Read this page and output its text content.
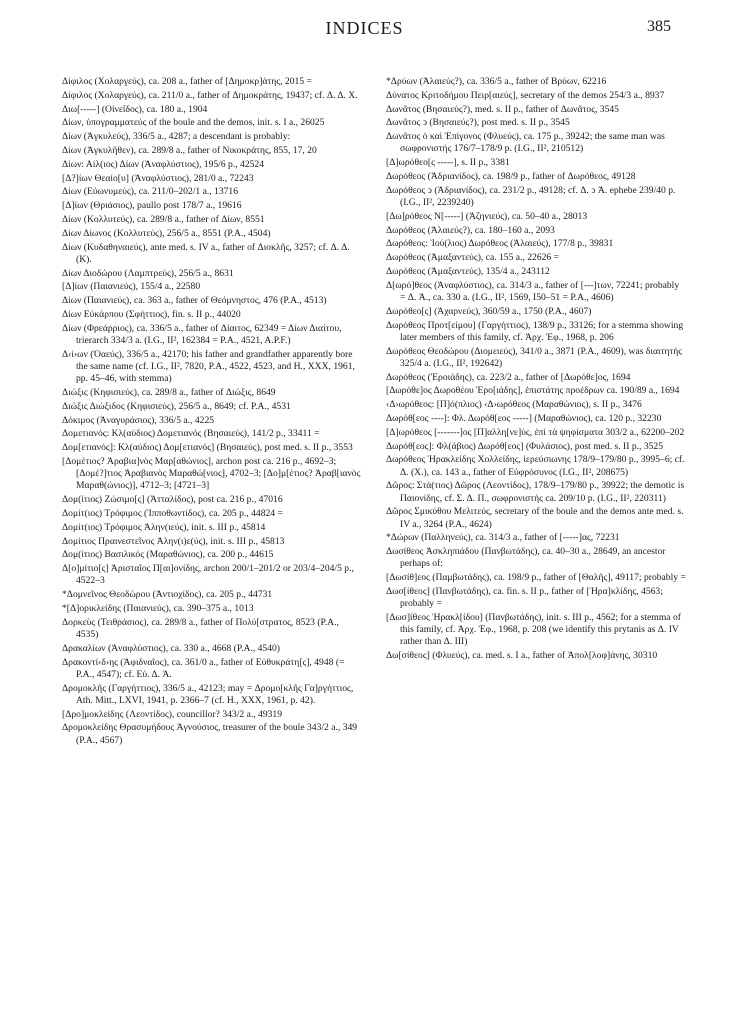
INDICES	385

Δίφιλος (Χολαργεύς), ca. 208 a., father of [Δημοκρ]άτης, 2015 =

Δίφιλος (Χολαργεύς), ca. 211/0 a., father of Δημοκράτης, 19437; cf. Δ. Δ. Χ.

Διω[-----] (Οἰνεΐδος), ca. 180 a., 1904

Δίων, ὑπογραμματεύς of the boule and the demos, init. s. I a., 26025

Δίων (Ἀγκυλεύς), 336/5 a., 4287; a descendant is probably:

Δίων (Ἀγκυλῆθεν), ca. 289/8 a., father of Νικοκράτης, 855, 17, 20

Δίων: Αἰλ(ιος) Δίων (Ἀναφλύστιος), 195/6 p., 42524

[Δ?]ίων Θεαίο[υ] (Ἀναφλύστιος), 281/0 a., 72243

Δίων (Εὐωνυμεύς), ca. 211/0–202/1 a., 13716

[Δ]ίων (Θριάσιος), paullo post 178/7 a., 19616

Δίων (Κολλυτεύς), ca. 289/8 a., father of Δίων, 8551

Δίων Δίωνος (Κολλυτεύς), 256/5 a., 8551 (P.A., 4504)

Δίων (Κυδαθηναιεύς), ante med. s. IV a., father of Διοκλῆς, 3257; cf. Δ. Δ. (Κ).

Δίων Διοδώρου (Λαμπτρεύς), 256/5 a., 8631

[Δ]ίων (Παιανιεύς), 155/4 a., 22580

Δίων (Παιανιεύς), ca. 363 a., father of Θεόμνηστος, 476 (P.A., 4513)

Δίων Εὐκάρπου (Σφήττιος), fin. s. II p., 44020

Δίων (Φρεάρριος), ca. 336/5 a., father of Δίαιτος, 62349 = Δίων Διαίτου, trierarch 334/3 a. (I.G., II², 162384 = P.A., 4521, A.P.F.)

Δ‹ί›ων (Ὀαεύς), 336/5 a., 42170; his father and grandfather apparently bore the same name (cf. I.G., II², 7820, P.A., 4522, 4523, and H., XXX, 1961, pp. 45–46, with stemma)

Διώξις (Κηφισιεύς), ca. 289/8 a., father of Διώξις, 8649

Διώξις Διώξιδος (Κηφισιεύς), 256/5 a., 8649; cf. P.A., 4531

Δόκιμος (Ἀναγυράσιος), 336/5 a., 4225

Δομετιανός: Κλ(αύδιος) Δομετιανός (Βησαιεύς), 141/2 p., 33411 =

Δομ[ετιανός]: Κλ(αύδιος) Δομ[ετιανός] (Βησαιεύς), post med. s. II p., 3553

[Δομέτιος? Ἀραβια]νὸς Μαρ[αθώνιος], archon post ca. 216 p., 4692–3; [Δομέ?]τιος Ἀραβιανὸς Μαραθώ[νιος], 4702–3; [Δο]μ[έτιος? Ἀραβ[ιανὸς Μαραθ(ώνιος)], 4712–3; [4721–3]

Δομ(ίτιος) Ζώσιμο[ς] (Ἀτταλίδος), post ca. 216 p., 47016

Δομίτ(ιος) Τρόφιμος (Ἱπποθωντίδος), ca. 205 p., 44824 =

Δομίτ(ιος) Τρόφιμος Ἀλην(ιεύς), init. s. III p., 45814

Δομίτιος Πραινεστεῖνος Ἀλην(ι)ε(ύς), init. s. III p., 45813

Δομ(ίτιος) Βασιλικός (Μαραθώνιος), ca. 200 p., 44615

Δ[ο]μίτιο[ς] Ἀρισταῖος Π[αι]ονίδης, archon 200/1–201/2 or 203/4–204/5 p., 4522–3

*Δομνεῖνος Θεοδώρου (Ἀντιοχίδος), ca. 205 p., 44731

*[Δ]ορικλείδης (Παιανιεύς), ca. 390–375 a., 1013

Δορκεὺς (Τειθράσιος), ca. 289/8 a., father of Πολύ[στρατος, 8523 (P.A., 4535)

Δρακαλίων (Ἀναφλύστιος), ca. 330 a., 4668 (P.A., 4540)

Δρακοντί‹δ›ης (Ἀφιδναῖος), ca. 361/0 a., father of Εὐθυκράτη[ς], 4948 (= P.A., 4547); cf. Εὐ. Δ. Ἀ.

Δρομοκλῆς (Γαργήττιος), 336/5 a., 42123; may = Δρομο[κλῆς Γα]ργήττιος, Ath. Mitt., LXVI, 1941, p. 2366–7 (cf. H., XXX, 1961, p. 42).

[Δρο]μοκλείδης (Λεοντίδος), councillor? 343/2 a., 49319

Δρομοκλείδης Θρασυμήδους Ἀγνούσιος, treasurer of the boule 343/2 a., 349 (P.A., 4567)

*Δρύων (Ἀλαιεύς?), ca. 336/5 a., father of Βρύων, 62216

Δύνατος Κριτοδήμου Πειρ[αιεύς], secretary of the demos 254/3 a., 8937

Δωνᾶτος (Βησαιεύς?), med. s. II p., father of Δωνᾶτος, 3545

Δωνᾶτος ↄ (Βησαιεύς?), post med. s. II p., 3545

Δωνᾶτος ὁ καὶ Ἐπίγονος (Φλυεύς), ca. 175 p., 39242; the same man was σωφρονιστής 176/7–178/9 p. (I.G., II², 210512)

[Δ]ωρόθεο[ς -----], s. II p., 3381

Δωρόθεος (Ἀδριανίδος), ca. 198/9 p., father of Δωρόθεος, 49128

Δωρόθεος ↄ (Ἀδριανίδος), ca. 231/2 p., 49128; cf. Δ. ↄ Ἀ. ephebe 239/40 p. (I.G., II², 2239240)

[Δω]ρόθεος Ν[-----] (Ἀζηνιεύς), ca. 50–40 a., 28013

Δωρόθεος (Ἀλαιεύς?), ca. 180–160 a., 2093

Δωρόθεος: Ἰού(λιος) Δωρόθεος (Ἀλαιεύς), 177/8 p., 39831

Δωρόθεος (Ἀμαξαντεύς), ca. 155 a., 22626 =

Δωρόθεος (Ἀμαξαντεύς), 135/4 a., 243112

Δ[ωρό]θεος (Ἀναφλύστιος), ca. 314/3 a., father of [---]των, 72241; probably = Δ. Ἀ., ca. 330 a. (I.G., II², 1569, I50–51 = P.A., 4606)

Δωρόθεο[ς] (Ἀχαρνεύς), 360/59 a., 1750 (P.A., 4607)

Δωρόθεος Προτ[είμου] (Γαργήττιος), 138/9 p., 33126; for a stemma showing later members of this family, cf. Ἀρχ. Ἐφ., 1968, p. 206

Δωρόθεος Θεοδώρου (Διομειεύς), 341/0 a., 3871 (P.A., 4609), was διαιτητής 325/4 a. (I.G., II², 192642)

Δωρόθεος (Ἐροιάδης), ca. 223/2 a., father of [Δωρόθε]ος, 1694

[Δωρόθε]ος Δωροθέου Ἐρο[ιάδης], ἐπιστάτης προέδρων ca. 190/89 a., 1694

‹Δ›ωρόθεος: [Π]ό(πλιος) ‹Δ›ωρόθεος (Μαραθώνιος), s. II p., 3476

Δωρόθ[εος ----]: Φλ. Δωρόθ[εος -----] (Μαραθώνιος), ca. 120 p., 32230

[Δ]ωρόθεος [-------]ος [Π]αλλη[νε]ύς, ἐπὶ τὰ ψηφίσματα 303/2 a., 62200–202

Δωρόθ[εος]: Φλ(άβιος) Δωρόθ[εος] (Φυλάσιος), post med. s. II p., 3525

Δωρόθεος Ἡρακλείδης Χολλείδης, ἱερεύσιωνης 178/9–179/80 p., 3995–6; cf. Δ. (Χ.), ca. 143 a., father of Εὐφρόσυνος (I.G., II², 208675)

Δῶρος: Στά(τιος) Δῶρος (Λεοντίδος), 178/9–179/80 p., 39922; the demotic is Παιονίδης, cf. Σ. Δ. Π., σωφρονιστής ca. 209/10 p. (I.G., II², 220311)

Δῶρος Σμικύθου Μελιτεύς, secretary of the boule and the demos ante med. s. IV a., 3264 (P.A., 4624)

*Δώρων (Παλληνεύς), ca. 314/3 a., father of [-----]ας, 72231

Δωσίθεος Ἀσκληπιάδου (Πανβωτάδης), ca. 40–30 a., 28649, an ancestor perhaps of:

[Δωσίθ]εος (Παμβωτάδης), ca. 198/9 p., father of [Θαλῆς], 49117; probably =

Δωσ[ίθεος] (Πανβωτάδης), ca. fin. s. II p., father of [Ἡρα]κλίδης, 4563; probably =

[Δωσ]ίθεος Ἡρακλ[ίδου] (Πανβωτάδης), init. s. III p., 4562; for a stemma of this family, cf. Ἀρχ. Ἐφ., 1968, p. 208 (we identify this prytanis as Δ. IV rather than Δ. III)

Δω[σίθεος] (Φλυεύς), ca. med. s. I a., father of Ἀπολ[λοφ]άνης, 30310
